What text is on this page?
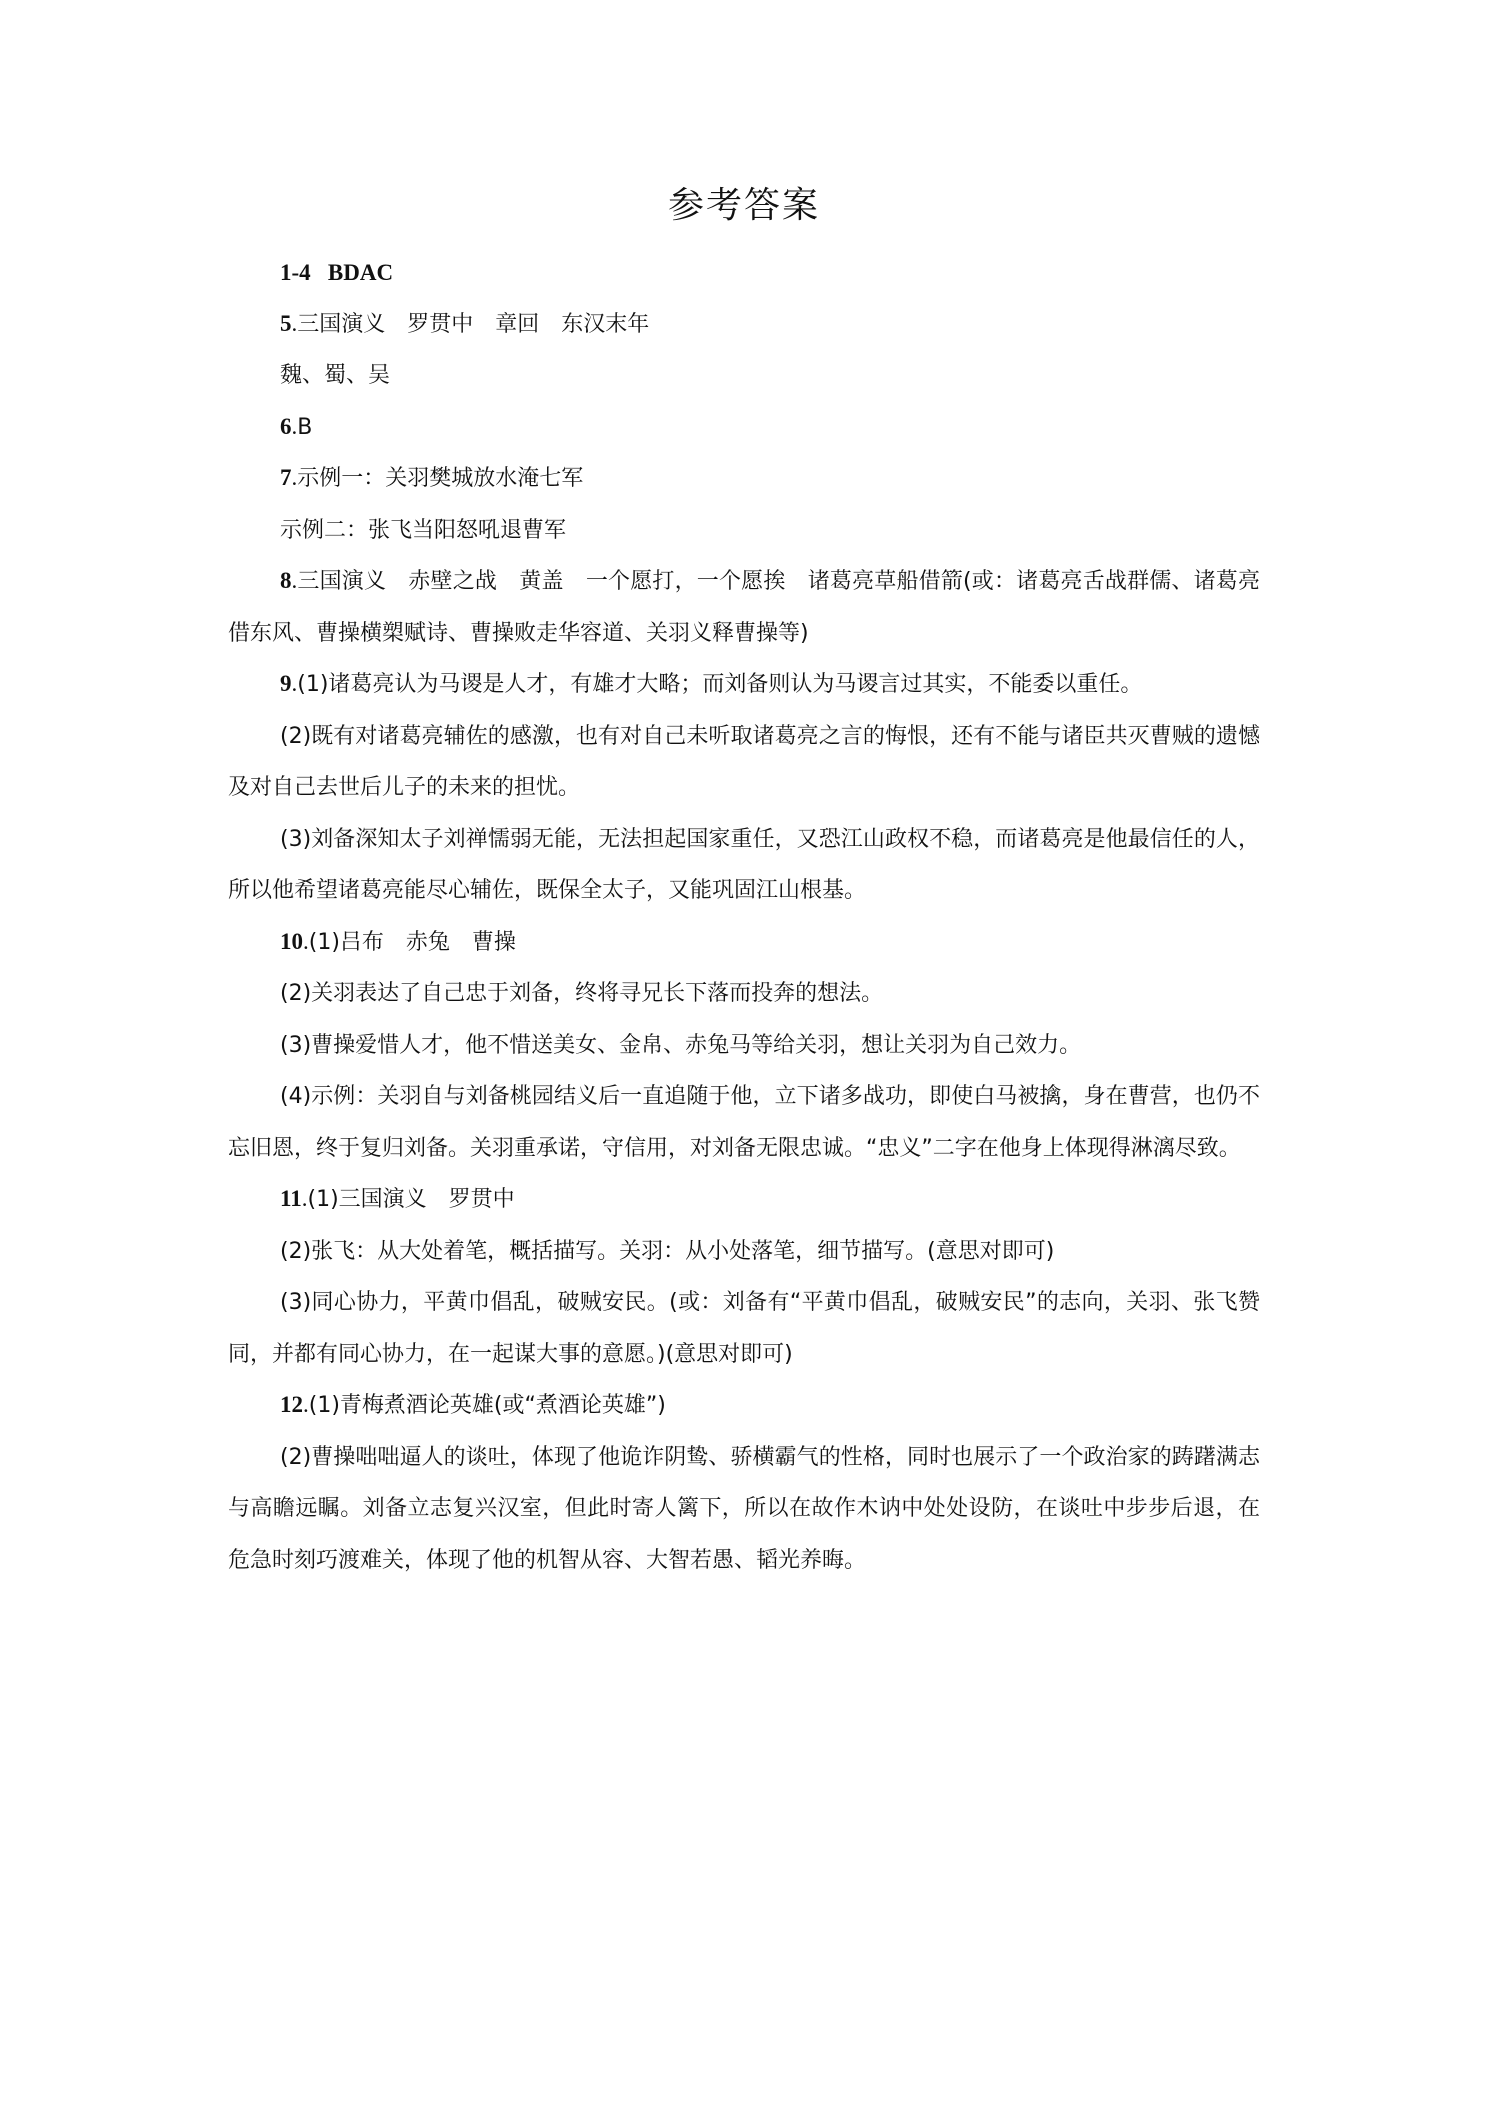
参考答案

1-4 BDAC

5.三国演义　罗贯中　章回　东汉末年

魏、蜀、吴

6.B

7.示例一：关羽樊城放水淹七军

示例二：张飞当阳怒吼退曹军

8.三国演义　赤壁之战　黄盖　一个愿打，一个愿挨　诸葛亮草船借箭(或：诸葛亮舌战群儒、诸葛亮借东风、曹操横槊赋诗、曹操败走华容道、关羽义释曹操等)

9.(1)诸葛亮认为马谡是人才，有雄才大略；而刘备则认为马谡言过其实，不能委以重任。

(2)既有对诸葛亮辅佐的感激，也有对自己未听取诸葛亮之言的悔恨，还有不能与诸臣共灭曹贼的遗憾及对自己去世后儿子的未来的担忧。

(3)刘备深知太子刘禅懦弱无能，无法担起国家重任，又恐江山政权不稳，而诸葛亮是他最信任的人，所以他希望诸葛亮能尽心辅佐，既保全太子，又能巩固江山根基。

10.(1)吕布　赤兔　曹操

(2)关羽表达了自己忠于刘备，终将寻兄长下落而投奔的想法。

(3)曹操爱惜人才，他不惜送美女、金帛、赤兔马等给关羽，想让关羽为自己效力。

(4)示例：关羽自与刘备桃园结义后一直追随于他，立下诸多战功，即使白马被擒，身在曹营，也仍不忘旧恩，终于复归刘备。关羽重承诺，守信用，对刘备无限忠诚。“忠义”二字在他身上体现得淋漓尽致。

11.(1)三国演义　罗贯中

(2)张飞：从大处着笔，概括描写。关羽：从小处落笔，细节描写。(意思对即可)

(3)同心协力，平黄巾倡乱，破贼安民。(或：刘备有“平黄巾倡乱，破贼安民”的志向，关羽、张飞赞同，并都有同心协力，在一起谋大事的意愿。)(意思对即可)

12.(1)青梅煮酒论英雄(或“煮酒论英雄”)

(2)曹操咄咄逼人的谈吐，体现了他诡诈阴鸷、骄横霸气的性格，同时也展示了一个政治家的踌躇满志与高瞻远瞩。刘备立志复兴汉室，但此时寄人篱下，所以在故作木讷中处处设防，在谈吐中步步后退，在危急时刻巧渡难关，体现了他的机智从容、大智若愚、韬光养晦。
